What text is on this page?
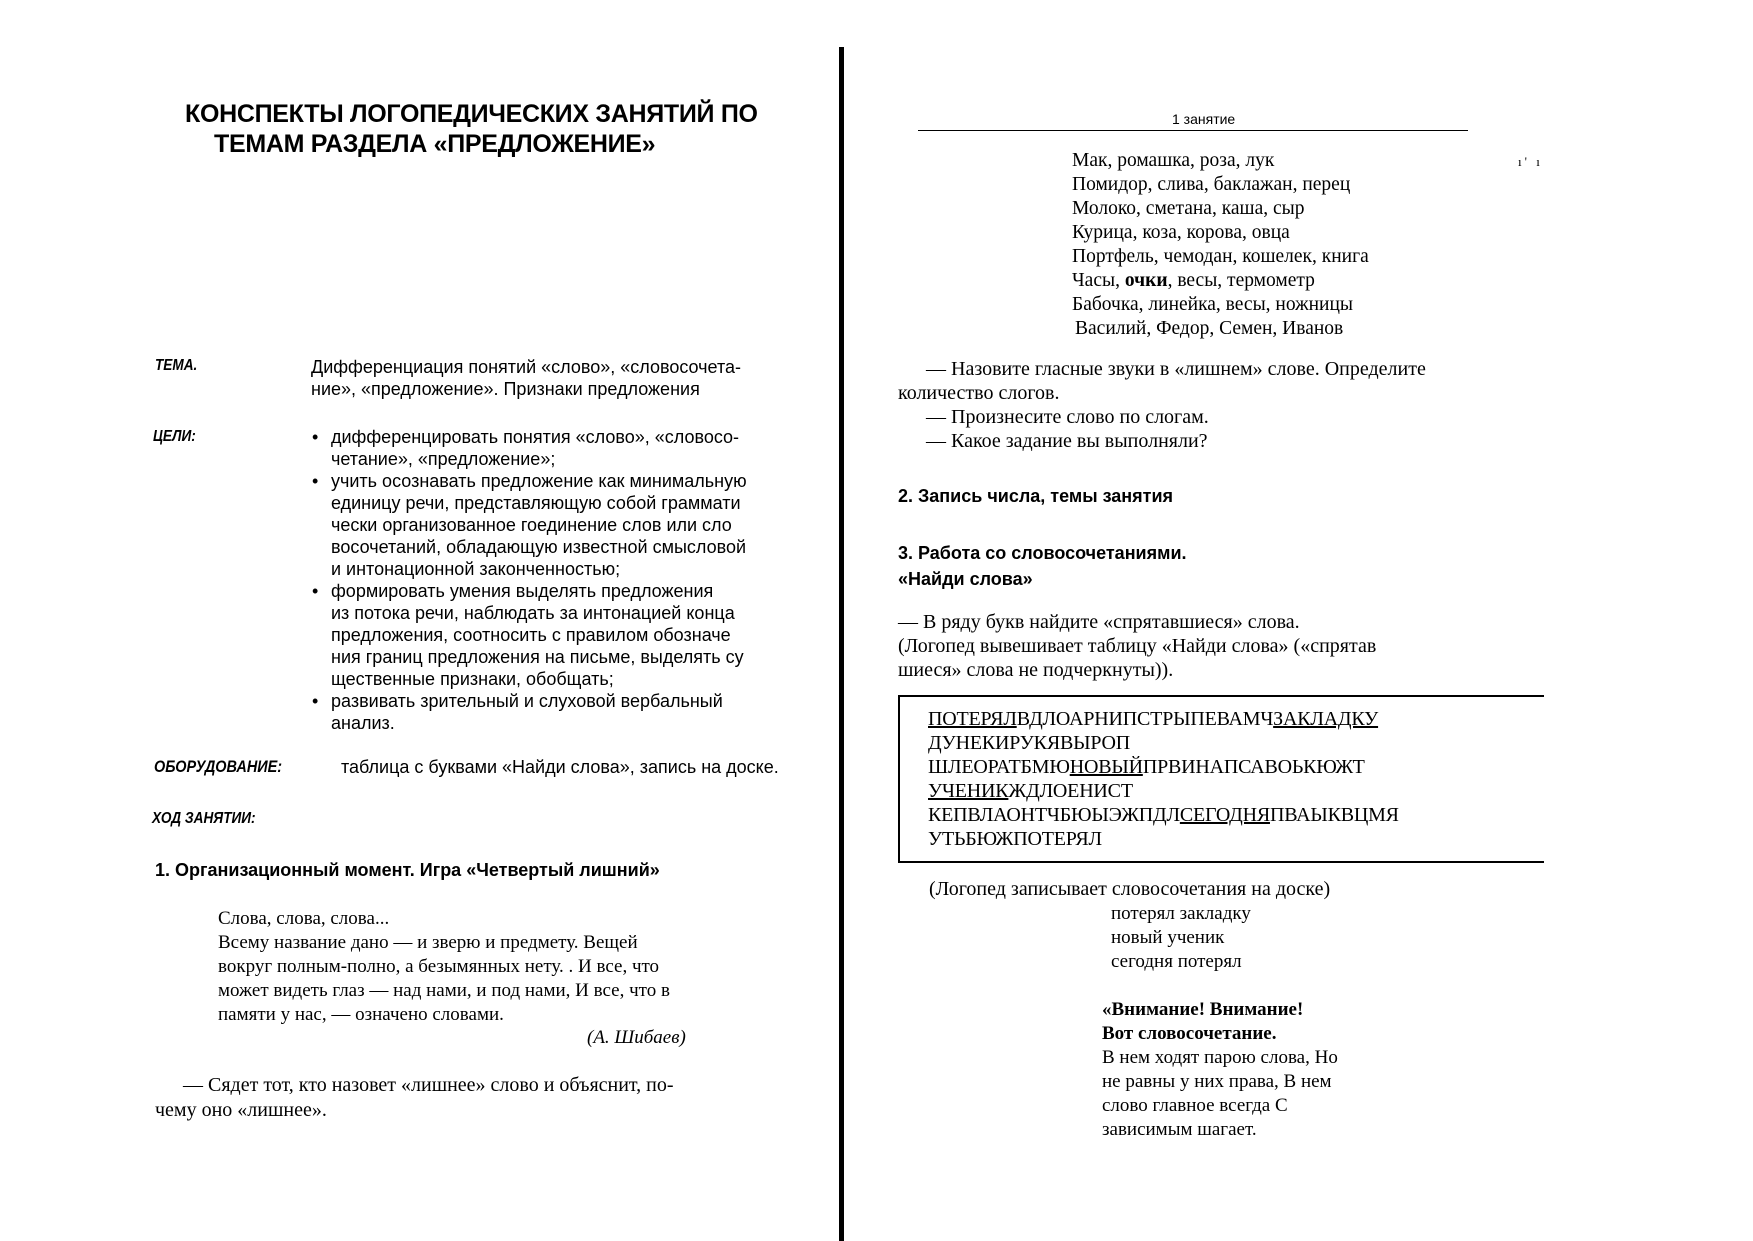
КОНСПЕКТЫ ЛОГОПЕДИЧЕСКИХ ЗАНЯТИЙ ПО
ТЕМАМ РАЗДЕЛА «ПРЕДЛОЖЕНИЕ»
ТЕМА.	Дифференциация понятий «слово», «словосочета-
ние», «предложение». Признаки предложения
ЦЕЛИ:	• дифференцировать понятия «слово», «словосо-
четание», «предложение»;
• учить осознавать предложение как минимальную
единицу речи, представляющую собой граммати
чески организованное гоединение слов или сло
восочетаний, обладающую известной смысловой
и интонационной законченностью;
• формировать умения выделять предложения
из потока речи, наблюдать за интонацией конца
предложения, соотносить с правилом обозначе
ния границ предложения на письме, выделять су
щественные признаки, обобщать;
• развивать зрительный и слуховой вербальный
анализ.
ОБОРУДОВАНИЕ:	таблица с буквами «Найди слова», запись на доске.
ХОД ЗАНЯТИИ:
1. Организационный момент. Игра «Четвертый лишний»
Слова, слова, слова...
Всему название дано — и зверю и предмету. Вещей
вокруг полным-полно, а безымянных нету. . И все, что
может видеть глаз — над нами, и под нами, И все, что в
памяти у нас, — означено словами.
(А. Шибаев)
— Сядет тот, кто назовет «лишнее» слово и объяснит, по-
чему оно «лишнее».
1 занятие
ı' ı
Мак, ромашка, роза, лук
Помидор, слива, баклажан, перец
Молоко, сметана, каша, сыр
Курица, коза, корова, овца
Портфель, чемодан, кошелек, книга
Часы, очки, весы, термометр
Бабочка, линейка, весы, ножницы
Василий, Федор, Семен, Иванов
— Назовите гласные звуки в «лишнем» слове. Определите
количество слогов.
— Произнесите слово по слогам.
— Какое задание вы выполняли?
2. Запись числа, темы занятия
3. Работа со словосочетаниями.
«Найди слова»
— В ряду букв найдите «спрятавшиеся» слова.
(Логопед вывешивает таблицу «Найди слова» («спрятав
шиеся» слова не подчеркнуты)).
ПОТЕРЯЛВДЛОАРНИПСТРЫПЕВАМЧЗАКЛАДКУ
ДУНЕКИРУКЯВЫРОП
ШЛЕОРАТБМЮНОВЫЙПРВИНАПСАВОЬКЮЖТ
УЧЕНИКЖДЛОЕНИСТ
КЕПВЛАОНТЧБЮЫЭЖПДЛСЕГОДНЯПВАЫКВЦМЯ
УТЬБЮЖПОТЕРЯЛ
(Логопед записывает словосочетания на доске)
потерял закладку
новый ученик
сегодня потерял
«Внимание! Внимание!
Вот словосочетание.
В нем ходят парою слова, Но
не равны у них права, В нем
слово главное всегда С
зависимым шагает.
